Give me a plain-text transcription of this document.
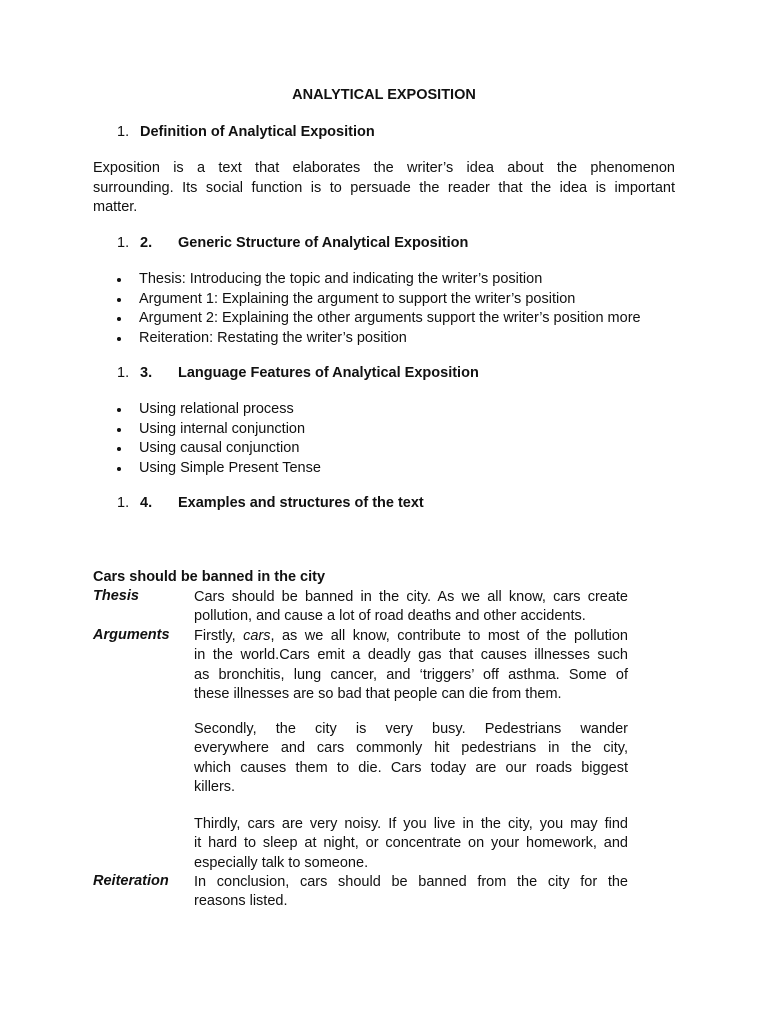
ANALYTICAL EXPOSITION
1. Definition of Analytical Exposition
Exposition is a text that elaborates the writer’s idea about the phenomenon
surrounding. Its social function is to persuade the reader that the idea is important
matter.
1. 2. Generic Structure of Analytical Exposition
Thesis: Introducing the topic and indicating the writer’s position
Argument 1: Explaining the argument to support the writer’s position
Argument 2: Explaining the other arguments support the writer’s position more
Reiteration: Restating the writer’s position
1. 3. Language Features of Analytical Exposition
Using relational process
Using internal conjunction
Using causal conjunction
Using Simple Present Tense
1. 4. Examples and structures of the text
Cars should be banned in the city
Thesis	Cars should be banned in the city. As we all know, cars create
pollution, and cause a lot of road deaths and other accidents.
Arguments Firstly, cars, as we all know, contribute to most of the pollution
in the world.Cars emit a deadly gas that causes illnesses such
as bronchitis, lung cancer, and ‘triggers’ off asthma. Some of
these illnesses are so bad that people can die from them.
Secondly, the city is very busy. Pedestrians wander
everywhere and cars commonly hit pedestrians in the city,
which causes them to die. Cars today are our roads biggest
killers.
Thirdly, cars are very noisy. If you live in the city, you may find
it hard to sleep at night, or concentrate on your homework, and
especially talk to someone.
Reiteration In conclusion, cars should be banned from the city for the
reasons listed.
